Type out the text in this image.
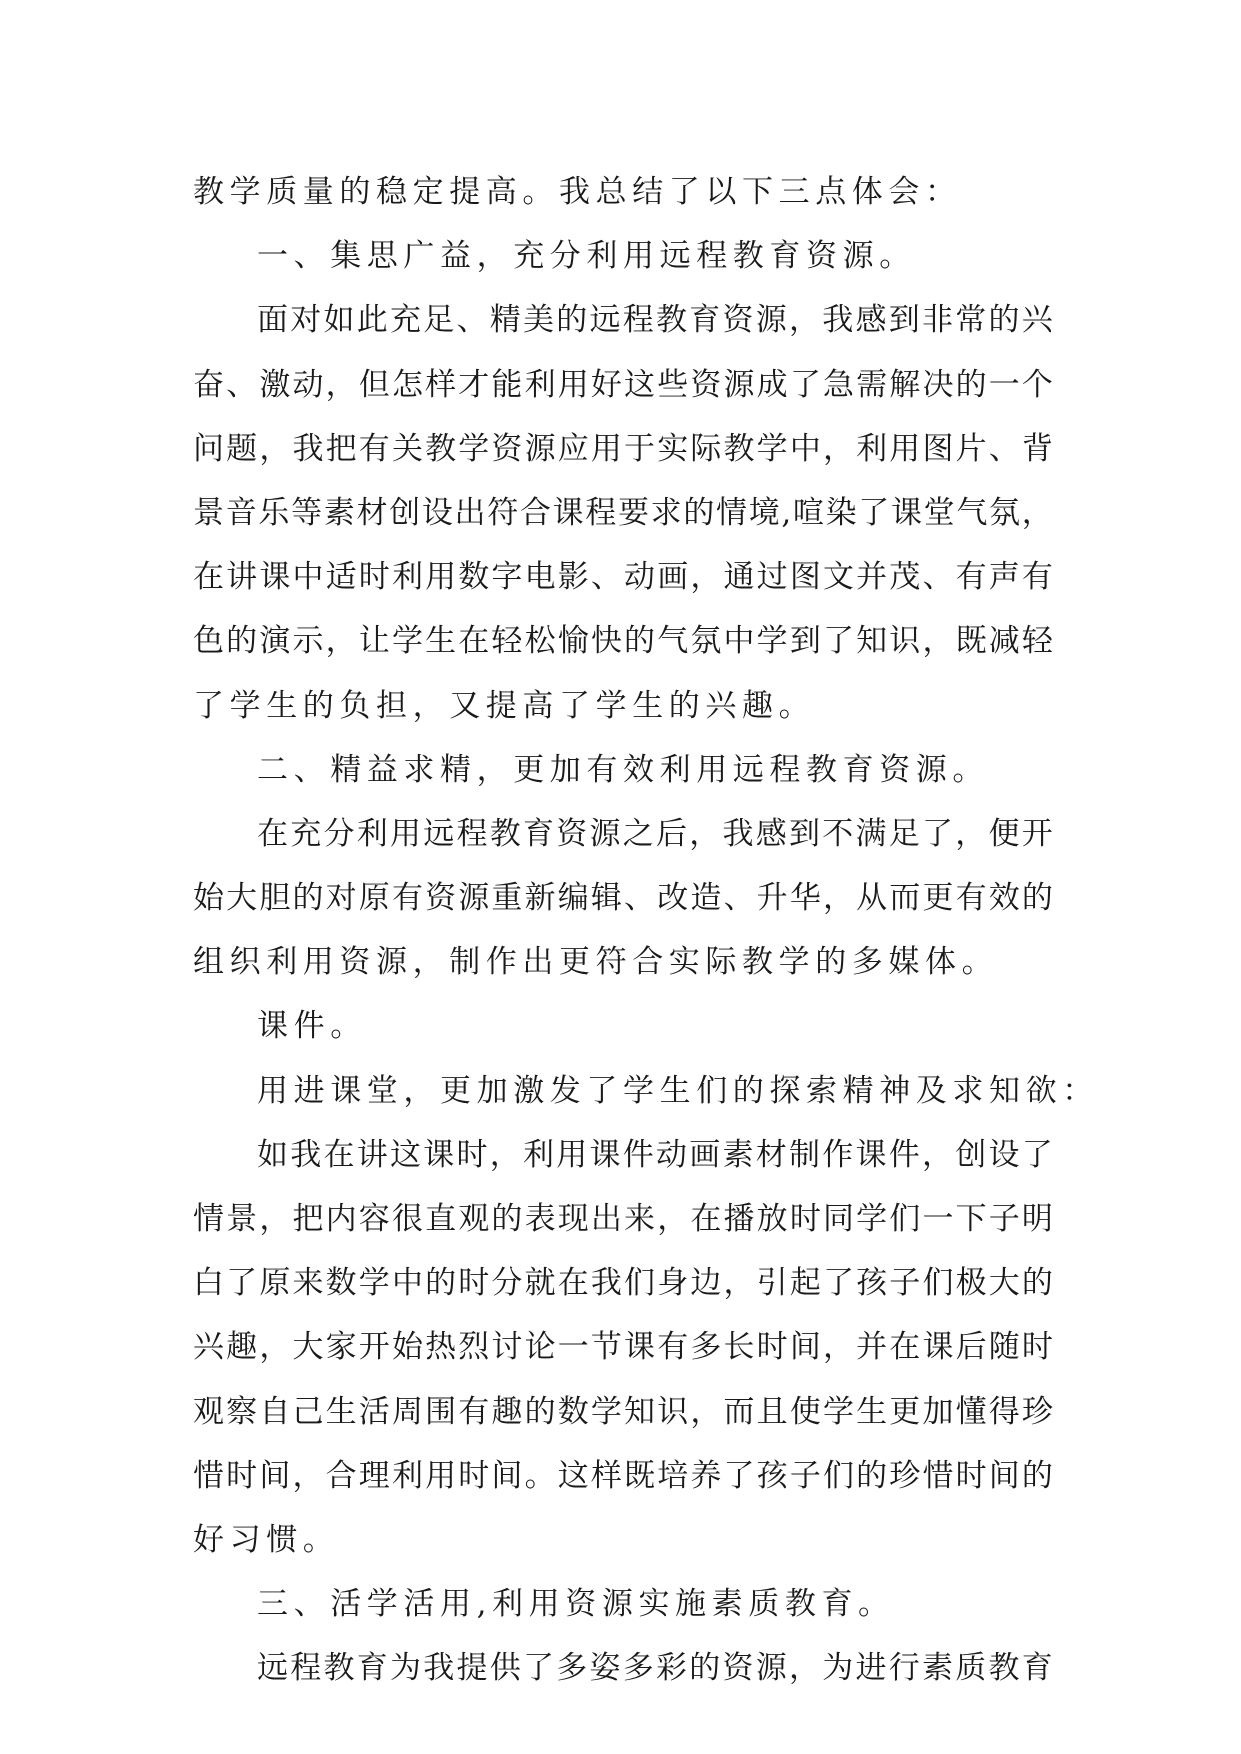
教学质量的稳定提高。我总结了以下三点体会：
一、集思广益，充分利用远程教育资源。
面 对 如 此 充 足 、 精 美 的 远 程 教 育 资 源 ， 我 感 到 非 常 的 兴
奋 、 激 动 ， 但 怎 样 才 能 利 用 好 这 些 资 源 成 了 急 需 解 决 的 一 个
问 题 ， 我 把 有 关 教 学 资 源 应 用 于 实 际 教 学 中 ， 利 用 图 片 、 背
景 音 乐 等 素 材 创 设 出 符 合 课 程 要 求 的 情 境 , 喧 染 了 课 堂 气 氛 ，
在 讲 课 中 适 时 利 用 数 字 电 影 、 动 画 ， 通 过 图 文 并 茂 、 有 声 有
色 的 演 示 ， 让 学 生 在 轻 松 愉 快 的 气 氛 中 学 到 了 知 识 ， 既 减 轻
了学生的负担，又提高了学生的兴趣。
二、精益求精，更加有效利用远程教育资源。
在 充 分 利 用 远 程 教 育 资 源 之 后 ， 我 感 到 不 满 足 了 ， 便 开
始 大 胆 的 对 原 有 资 源 重 新 编 辑 、 改 造 、 升 华 ， 从 而 更 有 效 的
组织利用资源，制作出更符合实际教学的多媒体。
课件。
用进课堂，更加激发了学生们的探索精神及求知欲：
如 我 在 讲 这 课 时 ， 利 用 课 件 动 画 素 材 制 作 课 件 ， 创 设 了
情 景 ， 把 内 容 很 直 观 的 表 现 出 来 ， 在 播 放 时 同 学 们 一 下 子 明
白 了 原 来 数 学 中 的 时 分 就 在 我 们 身 边 ， 引 起 了 孩 子 们 极 大 的
兴 趣 ， 大 家 开 始 热 烈 讨 论 一 节 课 有 多 长 时 间 ， 并 在 课 后 随 时
观 察 自 己 生 活 周 围 有 趣 的 数 学 知 识 ， 而 且 使 学 生 更 加 懂 得 珍
惜 时 间 ， 合 理 利 用 时 间 。 这 样 既 培 养 了 孩 子 们 的 珍 惜 时 间 的
好习惯。
三、活学活用,利用资源实施素质教育。
远 程 教 育 为 我 提 供 了 多 姿 多 彩 的 资 源 ， 为 进 行 素 质 教 育
